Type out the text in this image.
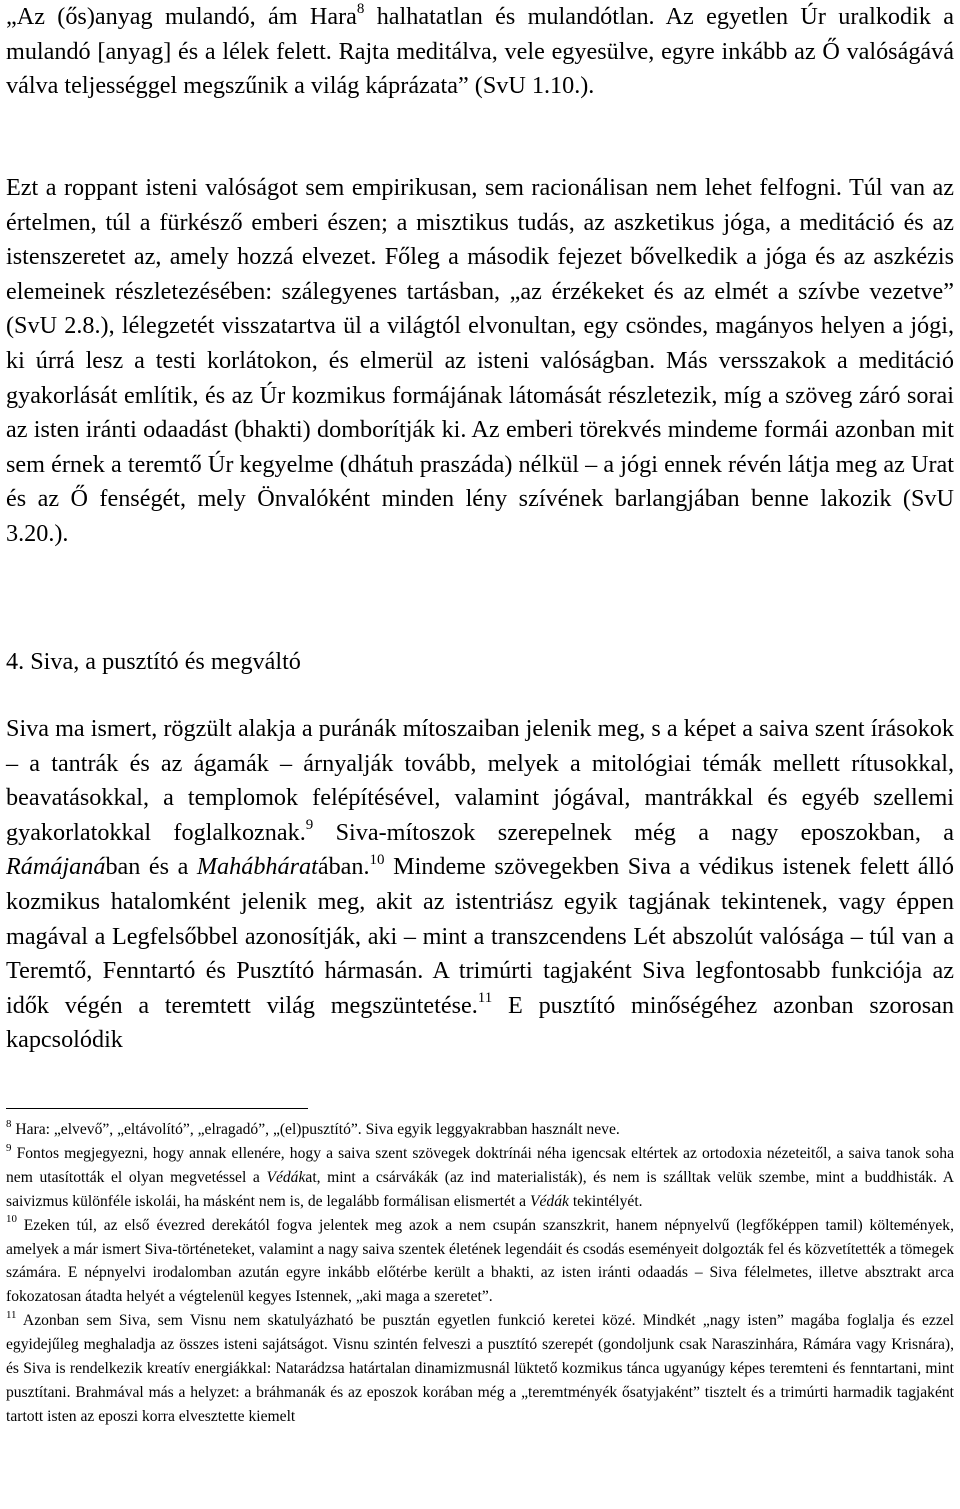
„Az (ős)anyag mulandó, ám Hara$^8$ halhatatlan és mulandótlan. Az egyetlen Úr uralkodik a mulandó [anyag] és a lélek felett. Rajta meditálva, vele egyesülve, egyre inkább az Ő valóságává válva teljességgel megszűnik a világ káprázata” (SvU 1.10.).

Ezt a roppant isteni valóságot sem empirikusan, sem racionálisan nem lehet felfogni. Túl van az értelmen, túl a fürkésző emberi észen; a misztikus tudás, az aszketikus jóga, a meditáció és az istenszeretet az, amely hozzá elvezet. Főleg a második fejezet bővelkedik a jóga és az aszkézis elemeinek részletezésében: szálegyenes tartásban, „az érzékeket és az elmét a szívbe vezetve” (SvU 2.8.), lélegzetét visszatartva ül a világtól elvonultan, egy csöndes, magányos helyen a jógi, ki úrrá lesz a testi korlátokon, és elmerül az isteni valóságban. Más versszakok a meditáció gyakorlását említik, és az Úr kozmikus formájának látomását részletezik, míg a szöveg záró sorai az isten iránti odaadást (bhakti) domborítják ki. Az emberi törekvés mindeme formái azonban mit sem érnek a teremtő Úr kegyelme (dhátuh praszáda) nélkül – a jógi ennek révén látja meg az Urat és az Ő fenségét, mely Önvalóként minden lény szívének barlangjában benne lakozik (SvU 3.20.).

4. Siva, a pusztító és megváltó

Siva ma ismert, rögzült alakja a puránák mítoszaiban jelenik meg, s a képet a saiva szent írásokok – a tantrák és az ágamák – árnyalják tovább, melyek a mitológiai témák mellett rítusokkal, beavatásokkal, a templomok felépítésével, valamint jógával, mantrákkal és egyéb szellemi gyakorlatokkal foglalkoznak.$^9$ Siva-mítoszok szerepelnek még a nagy eposzokban, a Rámájanában és a Mahábháratában.$^{10}$ Mindeme szövegekben Siva a védikus istenek felett álló kozmikus hatalomként jelenik meg, akit az istentriász egyik tagjának tekintenek, vagy éppen magával a Legfelsőbbel azonosítják, aki – mint a transzcendens Lét abszolút valósága – túl van a Teremtő, Fenntartó és Pusztító hármasán. A trimúrti tagjaként Siva legfontosabb funkciója az idők végén a teremtett világ megszüntetése.$^{11}$ E pusztító minőségéhez azonban szorosan kapcsolódik

$^8$ Hara: „elvevő”, „eltávolító”, „elragadó”, „(el)pusztító”. Siva egyik leggyakrabban használt neve.

$^9$ Fontos megjegyezni, hogy annak ellenére, hogy a saiva szent szövegek doktrínái néha igencsak eltértek az ortodoxia nézeteitől, a saiva tanok soha nem utasították el olyan megvetéssel a Védákat, mint a csárvákák (az ind materialisták), és nem is szálltak velük szembe, mint a buddhisták. A saivizmus különféle iskolái, ha másként nem is, de legalább formálisan elismertét a Védák tekintélyét.

$^{10}$ Ezeken túl, az első évezred derekától fogva jelentek meg azok a nem csupán szanszkrit, hanem népnyelvű (legfőképpen tamil) költemények, amelyek a már ismert Siva-történeteket, valamint a nagy saiva szentek életének legendáit és csodás eseményeit dolgozták fel és közvetítették a tömegek számára. E népnyelvi irodalomban azután egyre inkább előtérbe került a bhakti, az isten iránti odaadás – Siva félelmetes, illetve absztrakt arca fokozatosan átadta helyét a végtelenül kegyes Istennek, „aki maga a szeretet”.

$^{11}$ Azonban sem Siva, sem Visnu nem skatulyázható be pusztán egyetlen funkció keretei közé. Mindkét „nagy isten” magába foglalja és ezzel egyidejűleg meghaladja az összes isteni sajátságot. Visnu szintén felveszi a pusztító szerepét (gondoljunk csak Naraszinhára, Rámára vagy Krisnára), és Siva is rendelkezik kreatív energiákkal: Natarádzsa határtalan dinamizmusnál lüktető kozmikus tánca ugyanúgy képes teremteni és fenntartani, mint pusztítani. Brahmával más a helyzet: a bráhmanák és az eposzok korában még a „teremtményék ősatyjaként” tisztelt és a trimúrti harmadik tagjaként tartott isten az eposzi korra elvesztette kiemelt
